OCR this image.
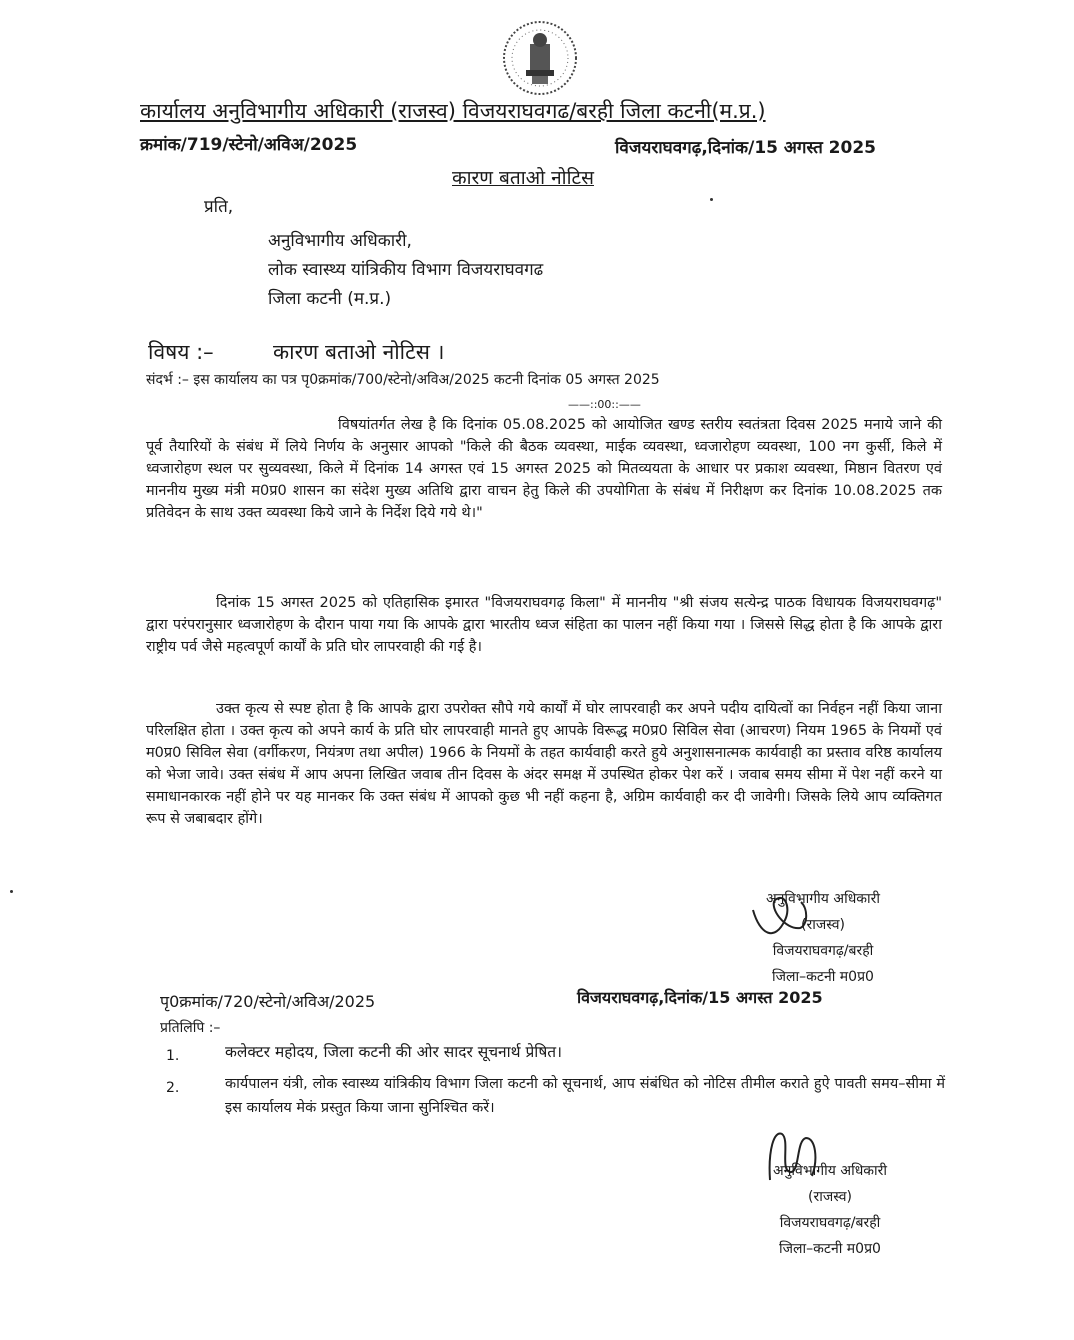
कार्यालय अनुविभागीय अधिकारी (राजस्व) विजयराघवगढ/बरही जिला कटनी(म.प्र.)
क्रमांक/719/स्टेनो/अविअ/2025	विजयराघवगढ़,दिनांक/15 अगस्त 2025
कारण बताओ नोटिस
प्रति,
अनुविभागीय अधिकारी,
लोक स्वास्थ्य यांत्रिकीय विभाग विजयराघवगढ
जिला कटनी (म.प्र.)
विषय :–	कारण बताओ नोटिस ।
संदर्भ :– इस कार्यालय का पत्र पृ0क्रमांक/700/स्टेनो/अविअ/2025 कटनी दिनांक 05 अगस्त 2025
——::00::——

विषयांतर्गत लेख है कि दिनांक 05.08.2025 को आयोजित खण्ड स्तरीय स्वतंत्रता दिवस 2025 मनाये जाने की पूर्व तैयारियों के संबंध में लिये निर्णय के अनुसार आपको "किले की बैठक व्यवस्था, माईक व्यवस्था, ध्वजारोहण व्यवस्था, 100 नग कुर्सी, किले में ध्वजारोहण स्थल पर सुव्यवस्था, किले में दिनांक 14 अगस्त एवं 15 अगस्त 2025 को मितव्ययता के आधार पर प्रकाश व्यवस्था, मिष्ठान वितरण एवं माननीय मुख्य मंत्री म0प्र0 शासन का संदेश मुख्य अतिथि द्वारा वाचन हेतु किले की उपयोगिता के संबंध में निरीक्षण कर दिनांक 10.08.2025 तक प्रतिवेदन के साथ उक्त व्यवस्था किये जाने के निर्देश दिये गये थे।"

दिनांक 15 अगस्त 2025 को एतिहासिक इमारत "विजयराघवगढ़ किला" में माननीय "श्री संजय सत्येन्द्र पाठक विधायक विजयराघवगढ़" द्वारा परंपरानुसार ध्वजारोहण के दौरान पाया गया कि आपके द्वारा भारतीय ध्वज संहिता का पालन नहीं किया गया । जिससे सिद्ध होता है कि आपके द्वारा राष्ट्रीय पर्व जैसे महत्वपूर्ण कार्यों के प्रति घोर लापरवाही की गई है।

उक्त कृत्य से स्पष्ट होता है कि आपके द्वारा उपरोक्त सौपे गये कार्यों में घोर लापरवाही कर अपने पदीय दायित्वों का निर्वहन नहीं किया जाना परिलक्षित होता । उक्त कृत्य को अपने कार्य के प्रति घोर लापरवाही मानते हुए आपके विरूद्ध म0प्र0 सिविल सेवा (आचरण) नियम 1965 के नियमों एवं म0प्र0 सिविल सेवा (वर्गीकरण, नियंत्रण तथा अपील) 1966 के नियमों के तहत कार्यवाही करते हुये अनुशासनात्मक कार्यवाही का प्रस्ताव वरिष्ठ कार्यालय को भेजा जावे। उक्त संबंध में आप अपना लिखित जवाब तीन दिवस के अंदर समक्ष में उपस्थित होकर पेश करें । जवाब समय सीमा में पेश नहीं करने या समाधानकारक नहीं होने पर यह मानकर कि उक्त संबंध में आपको कुछ भी नहीं कहना है, अग्रिम कार्यवाही कर दी जावेगी। जिसके लिये आप व्यक्तिगत रूप से जबाबदार होंगे।

अनुविभागीय अधिकारी
(राजस्व)
विजयराघवगढ़/बरही
जिला–कटनी म0प्र0
पृ0क्रमांक/720/स्टेनो/अविअ/2025	विजयराघवगढ़,दिनांक/15 अगस्त 2025
प्रतिलिपि :–
1.	कलेक्टर महोदय, जिला कटनी की ओर सादर सूचनार्थ प्रेषित।
2.	कार्यपालन यंत्री, लोक स्वास्थ्य यांत्रिकीय विभाग जिला कटनी को सूचनार्थ, आप संबंधित को नोटिस तीमील कराते हुऐ पावती समय–सीमा में इस कार्यालय मेकं प्रस्तुत किया जाना सुनिश्चित करें।
अनुविभागीय अधिकारी
(राजस्व)
विजयराघवगढ़/बरही
जिला–कटनी म0प्र0
